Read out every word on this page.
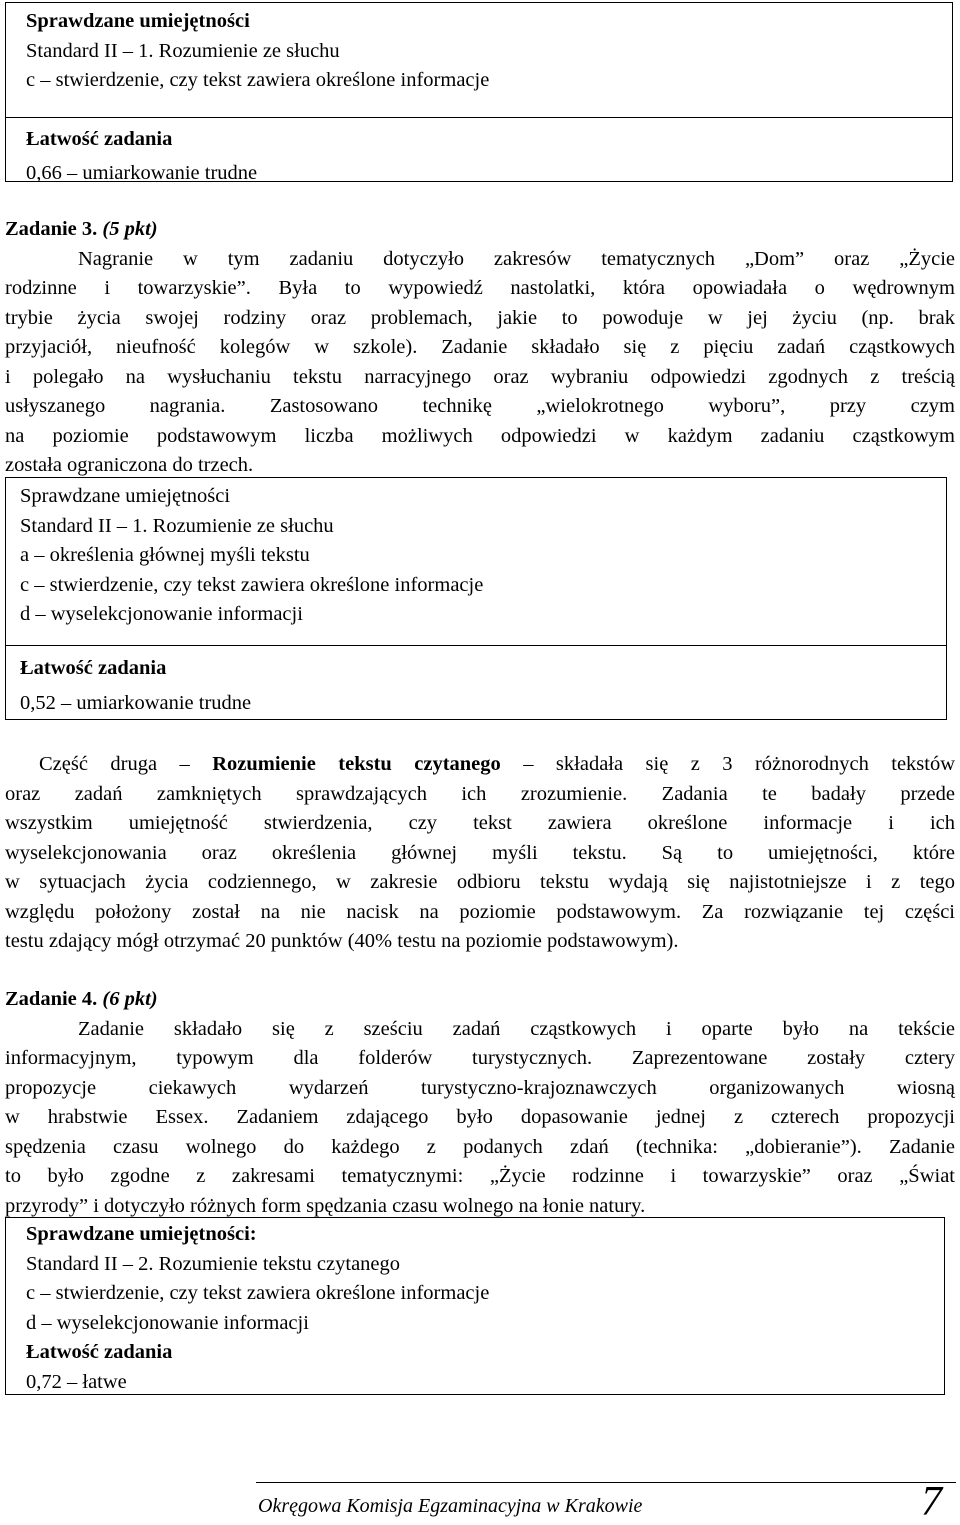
Sprawdzane umiejętności
Standard II – 1. Rozumienie ze słuchu
c – stwierdzenie, czy tekst zawiera określone informacje
Łatwość zadania
0,66 – umiarkowanie trudne

Zadanie 3. (5 pkt)

Nagranie w tym zadaniu dotyczyło zakresów tematycznych „Dom” oraz „Życie

rodzinne i towarzyskie”. Była to wypowiedź nastolatki, która opowiadała o wędrownym

trybie życia swojej rodziny oraz problemach, jakie to powoduje w jej życiu (np. brak

przyjaciół, nieufność kolegów w szkole). Zadanie składało się z pięciu zadań cząstkowych

i polegało na wysłuchaniu tekstu narracyjnego oraz wybraniu odpowiedzi zgodnych z treścią

usłyszanego nagrania. Zastosowano technikę „wielokrotnego wyboru”, przy czym

na poziomie podstawowym liczba możliwych odpowiedzi w każdym zadaniu cząstkowym

została ograniczona do trzech.

Sprawdzane umiejętności
Standard II – 1. Rozumienie ze słuchu
a – określenia głównej myśli tekstu
c – stwierdzenie, czy tekst zawiera określone informacje
d – wyselekcjonowanie informacji
Łatwość zadania
0,52 – umiarkowanie trudne

Część druga – Rozumienie tekstu czytanego – składała się z 3 różnorodnych tekstów

oraz zadań zamkniętych sprawdzających ich zrozumienie. Zadania te badały przede

wszystkim umiejętność stwierdzenia, czy tekst zawiera określone informacje i ich

wyselekcjonowania oraz określenia głównej myśli tekstu. Są to umiejętności, które

w sytuacjach życia codziennego, w zakresie odbioru tekstu wydają się najistotniejsze i z tego

względu położony został na nie nacisk na poziomie podstawowym. Za rozwiązanie tej części

testu zdający mógł otrzymać 20 punktów (40% testu na poziomie podstawowym).

Zadanie 4. (6 pkt)

Zadanie składało się z sześciu zadań cząstkowych i oparte było na tekście

informacyjnym, typowym dla folderów turystycznych. Zaprezentowane zostały cztery

propozycje ciekawych wydarzeń turystyczno-krajoznawczych organizowanych wiosną

w hrabstwie Essex. Zadaniem zdającego było dopasowanie jednej z czterech propozycji

spędzenia czasu wolnego do każdego z podanych zdań (technika: „dobieranie”). Zadanie

to było zgodne z zakresami tematycznymi: „Życie rodzinne i towarzyskie” oraz „Świat

przyrody” i dotyczyło różnych form spędzania czasu wolnego na łonie natury.

Sprawdzane umiejętności:
Standard II – 2. Rozumienie tekstu czytanego
c – stwierdzenie, czy tekst zawiera określone informacje
d – wyselekcjonowanie informacji
Łatwość zadania
0,72 – łatwe
Okręgowa Komisja Egzaminacyjna w Krakowie	7
